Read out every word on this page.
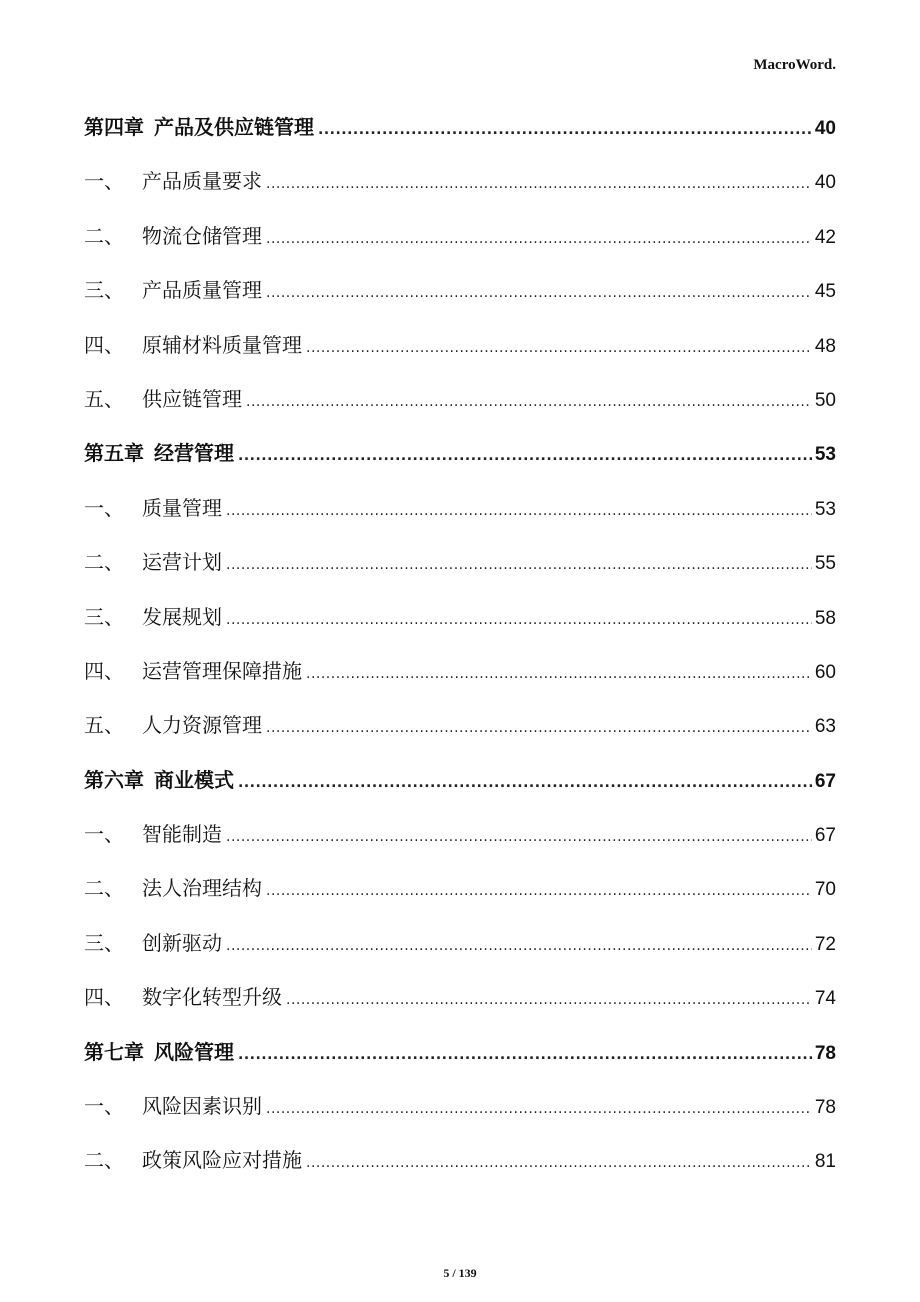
MacroWord.
第四章 产品及供应链管理 .....	40
一、 产品质量要求 .....	40
二、 物流仓储管理 .....	42
三、 产品质量管理 .....	45
四、 原辅材料质量管理 .....	48
五、 供应链管理 .....	50
第五章 经营管理 .....	53
一、 质量管理 .....	53
二、 运营计划 .....	55
三、 发展规划 .....	58
四、 运营管理保障措施 .....	60
五、 人力资源管理 .....	63
第六章 商业模式 .....	67
一、 智能制造 .....	67
二、 法人治理结构 .....	70
三、 创新驱动 .....	72
四、 数字化转型升级 .....	74
第七章 风险管理 .....	78
一、 风险因素识别 .....	78
二、 政策风险应对措施 .....	81
5 / 139
